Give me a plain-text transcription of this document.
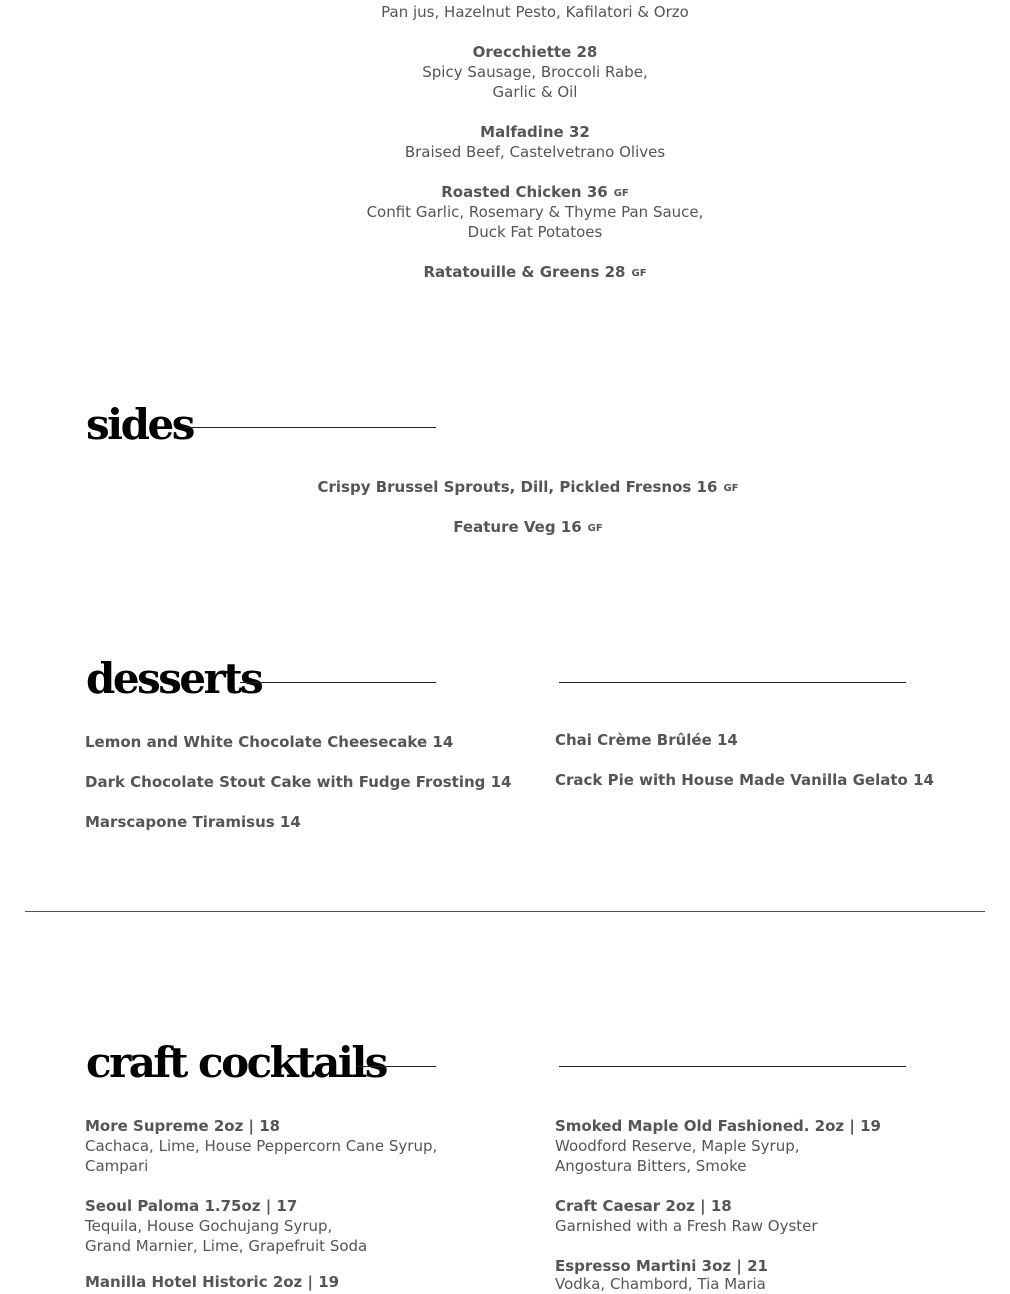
Pan jus, Hazelnut Pesto, Kafilatori & Orzo
Orecchiette 28
Spicy Sausage, Broccoli Rabe,
Garlic & Oil
Malfadine 32
Braised Beef, Castelvetrano Olives
Roasted Chicken 36 GF
Confit Garlic, Rosemary & Thyme Pan Sauce,
Duck Fat Potatoes
Ratatouille & Greens 28 GF
sides
Crispy Brussel Sprouts, Dill, Pickled Fresnos 16 GF
Feature Veg 16 GF
desserts
Lemon and White Chocolate Cheesecake 14
Dark Chocolate Stout Cake with Fudge Frosting 14
Marscapone Tiramisus 14
Chai Crème Brûlée 14
Crack Pie with House Made Vanilla Gelato 14
craft cocktails
More Supreme 2oz | 18
Cachaca, Lime, House Peppercorn Cane Syrup,
Campari
Seoul Paloma 1.75oz | 17
Tequila, House Gochujang Syrup,
Grand Marnier, Lime, Grapefruit Soda
Manilla Hotel Historic 2oz | 19
Smoked Maple Old Fashioned. 2oz | 19
Woodford Reserve, Maple Syrup,
Angostura Bitters, Smoke
Craft Caesar 2oz | 18
Garnished with a Fresh Raw Oyster
Espresso Martini 3oz | 21
Vodka, Chambord, Tia Maria
